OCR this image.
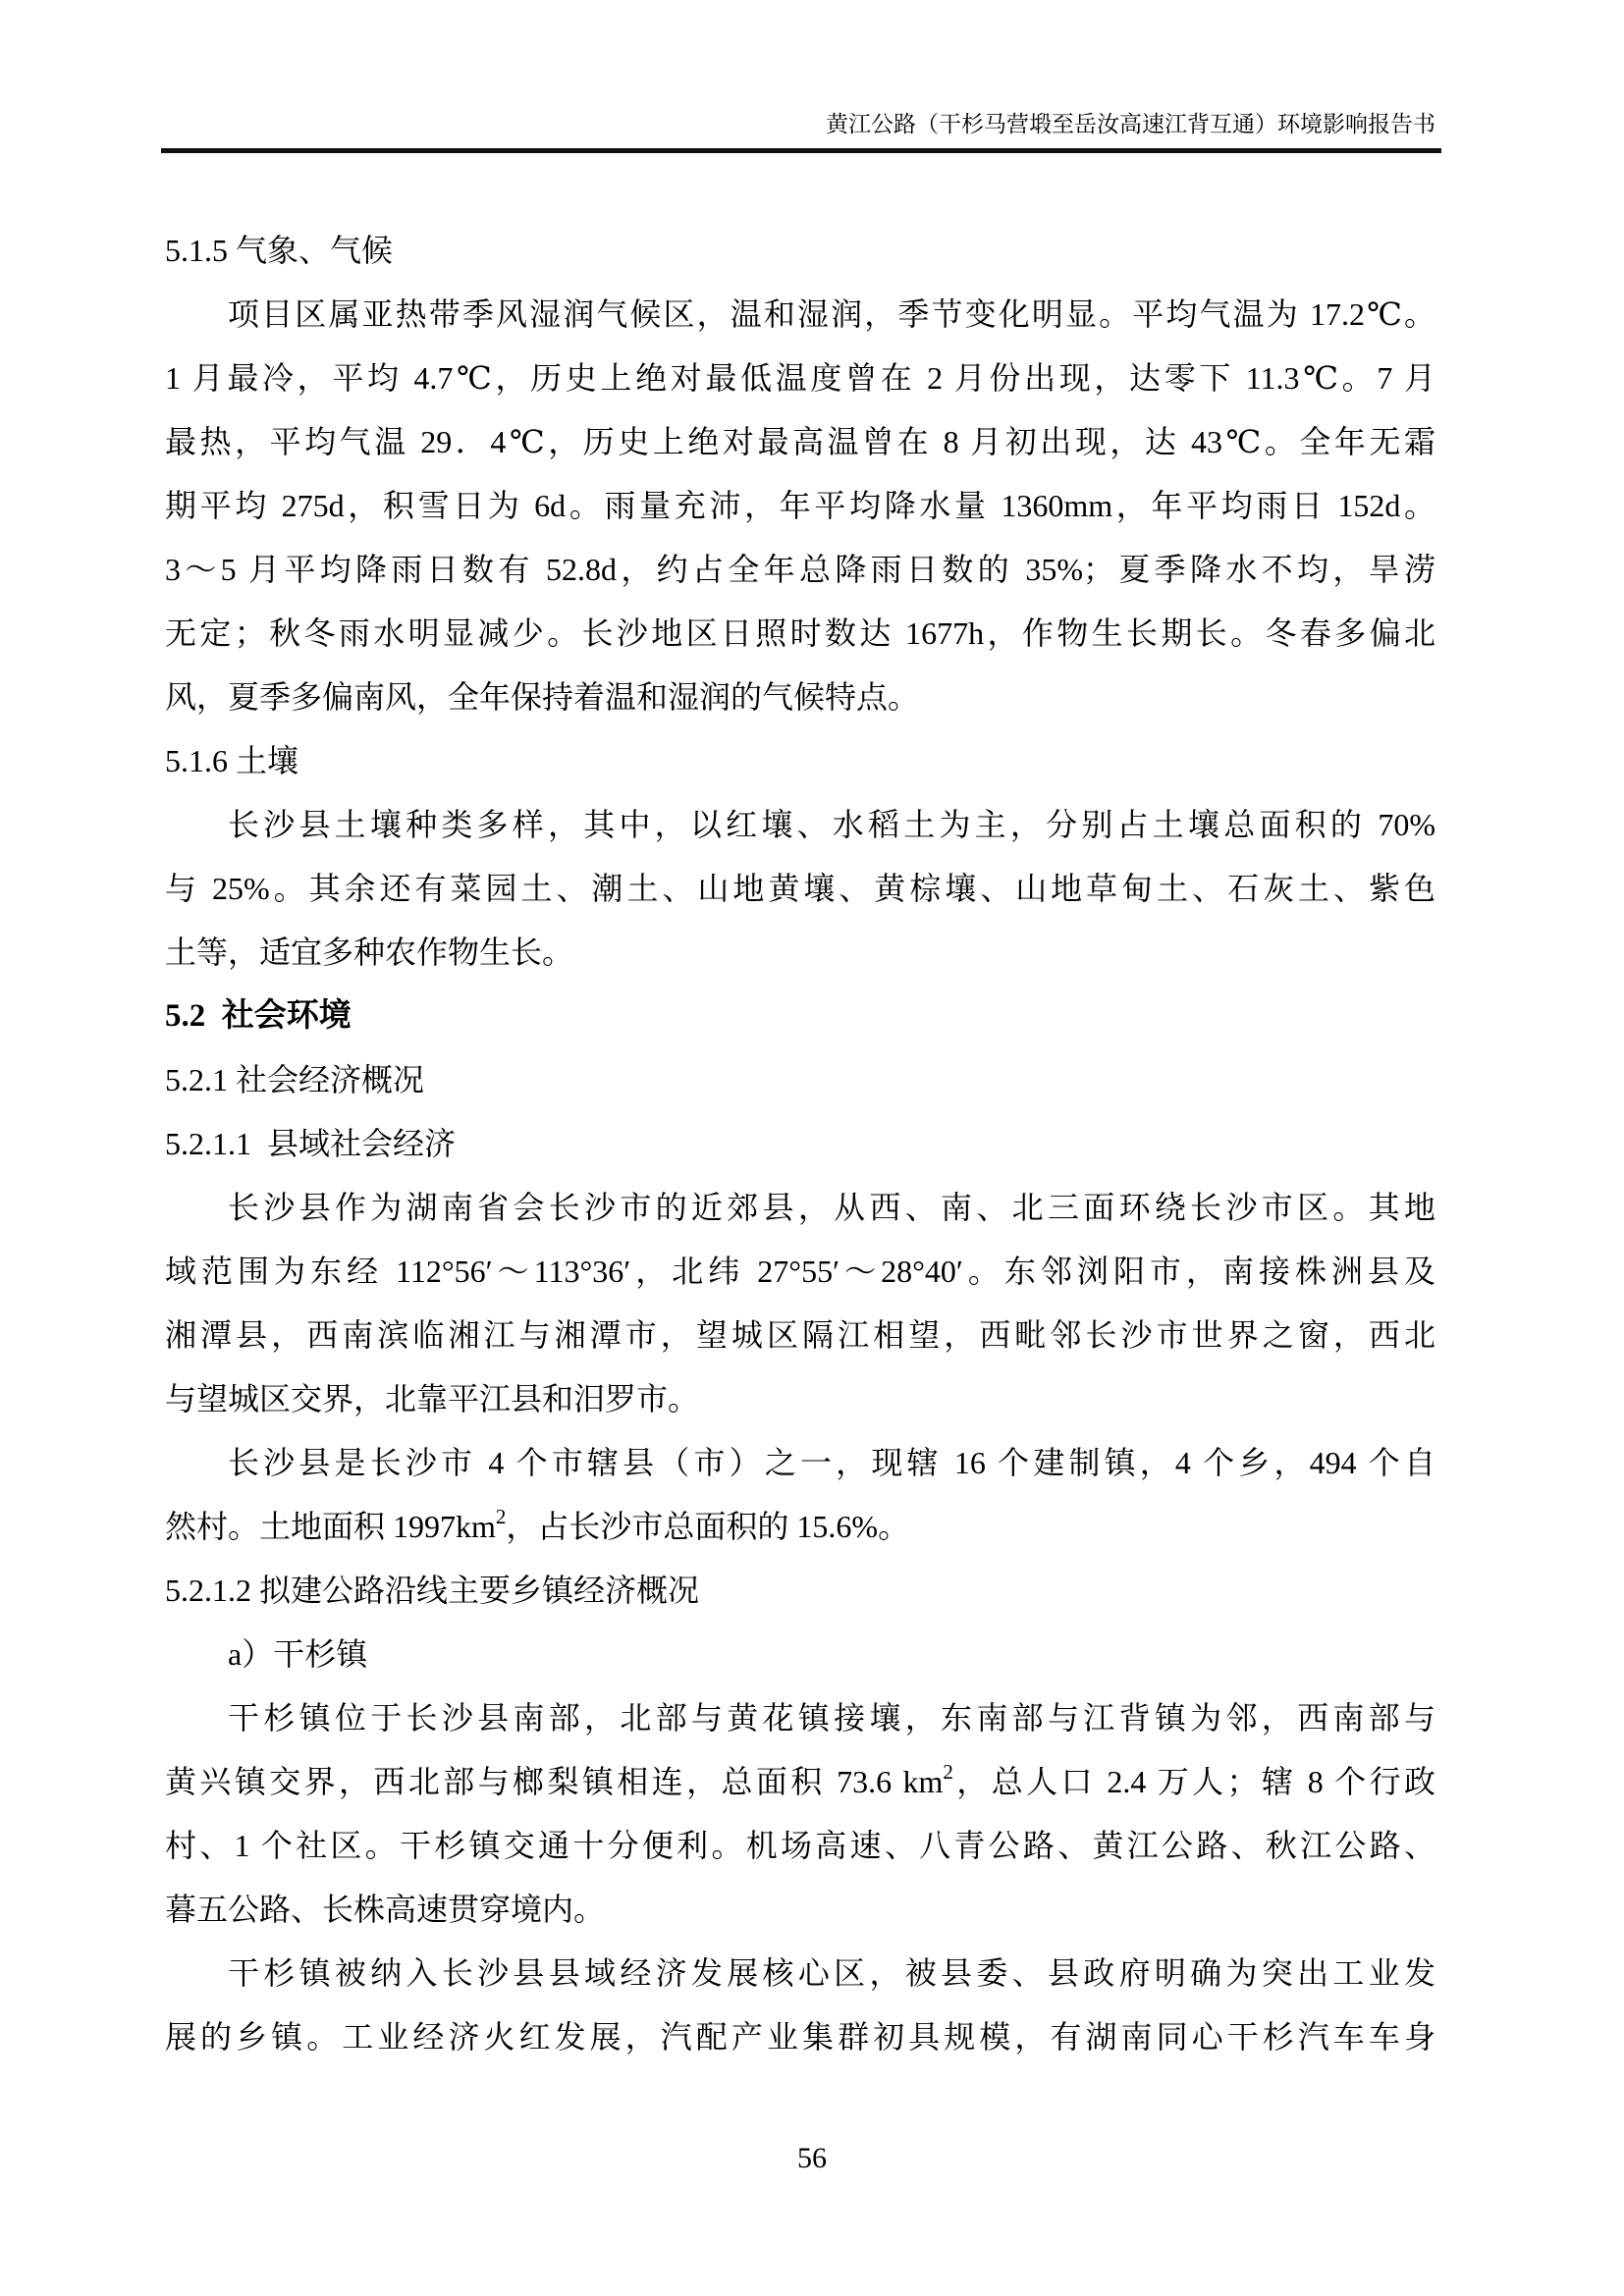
黄江公路（干杉马营塅至岳汝高速江背互通）环境影响报告书
5.1.5 气象、气候
项目区属亚热带季风湿润气候区，温和湿润，季节变化明显。平均气温为 17.2℃。
1 月最冷，平均 4.7℃，历史上绝对最低温度曾在 2 月份出现，达零下 11.3℃。7 月
最热，平均气温 29．4℃，历史上绝对最高温曾在 8 月初出现，达 43℃。全年无霜
期平均 275d，积雪日为 6d。雨量充沛，年平均降水量 1360mm，年平均雨日 152d。
3～5 月平均降雨日数有 52.8d，约占全年总降雨日数的 35%；夏季降水不均，旱涝
无定；秋冬雨水明显减少。长沙地区日照时数达 1677h，作物生长期长。冬春多偏北
风，夏季多偏南风，全年保持着温和湿润的气候特点。
5.1.6 土壤
长沙县土壤种类多样，其中，以红壤、水稻土为主，分别占土壤总面积的 70%
与 25%。其余还有菜园土、潮土、山地黄壤、黄棕壤、山地草甸土、石灰土、紫色
土等，适宜多种农作物生长。
5.2  社会环境
5.2.1 社会经济概况
5.2.1.1  县域社会经济
长沙县作为湖南省会长沙市的近郊县，从西、南、北三面环绕长沙市区。其地
域范围为东经 112°56′～113°36′，北纬 27°55′～28°40′。东邻浏阳市，南接株洲县及
湘潭县，西南滨临湘江与湘潭市，望城区隔江相望，西毗邻长沙市世界之窗，西北
与望城区交界，北靠平江县和汨罗市。
长沙县是长沙市 4 个市辖县（市）之一，现辖 16 个建制镇，4 个乡，494 个自
然村。土地面积 $1997km^2$，占长沙市总面积的 15.6%。
5.2.1.2 拟建公路沿线主要乡镇经济概况
a）干杉镇
干杉镇位于长沙县南部，北部与黄花镇接壤，东南部与江背镇为邻，西南部与
黄兴镇交界，西北部与榔梨镇相连，总面积 73.6 $km^2$，总人口 2.4 万人；辖 8 个行政
村、1 个社区。干杉镇交通十分便利。机场高速、八青公路、黄江公路、秋江公路、
暮五公路、长株高速贯穿境内。
干杉镇被纳入长沙县县域经济发展核心区，被县委、县政府明确为突出工业发
展的乡镇。工业经济火红发展，汽配产业集群初具规模，有湖南同心干杉汽车车身
56
